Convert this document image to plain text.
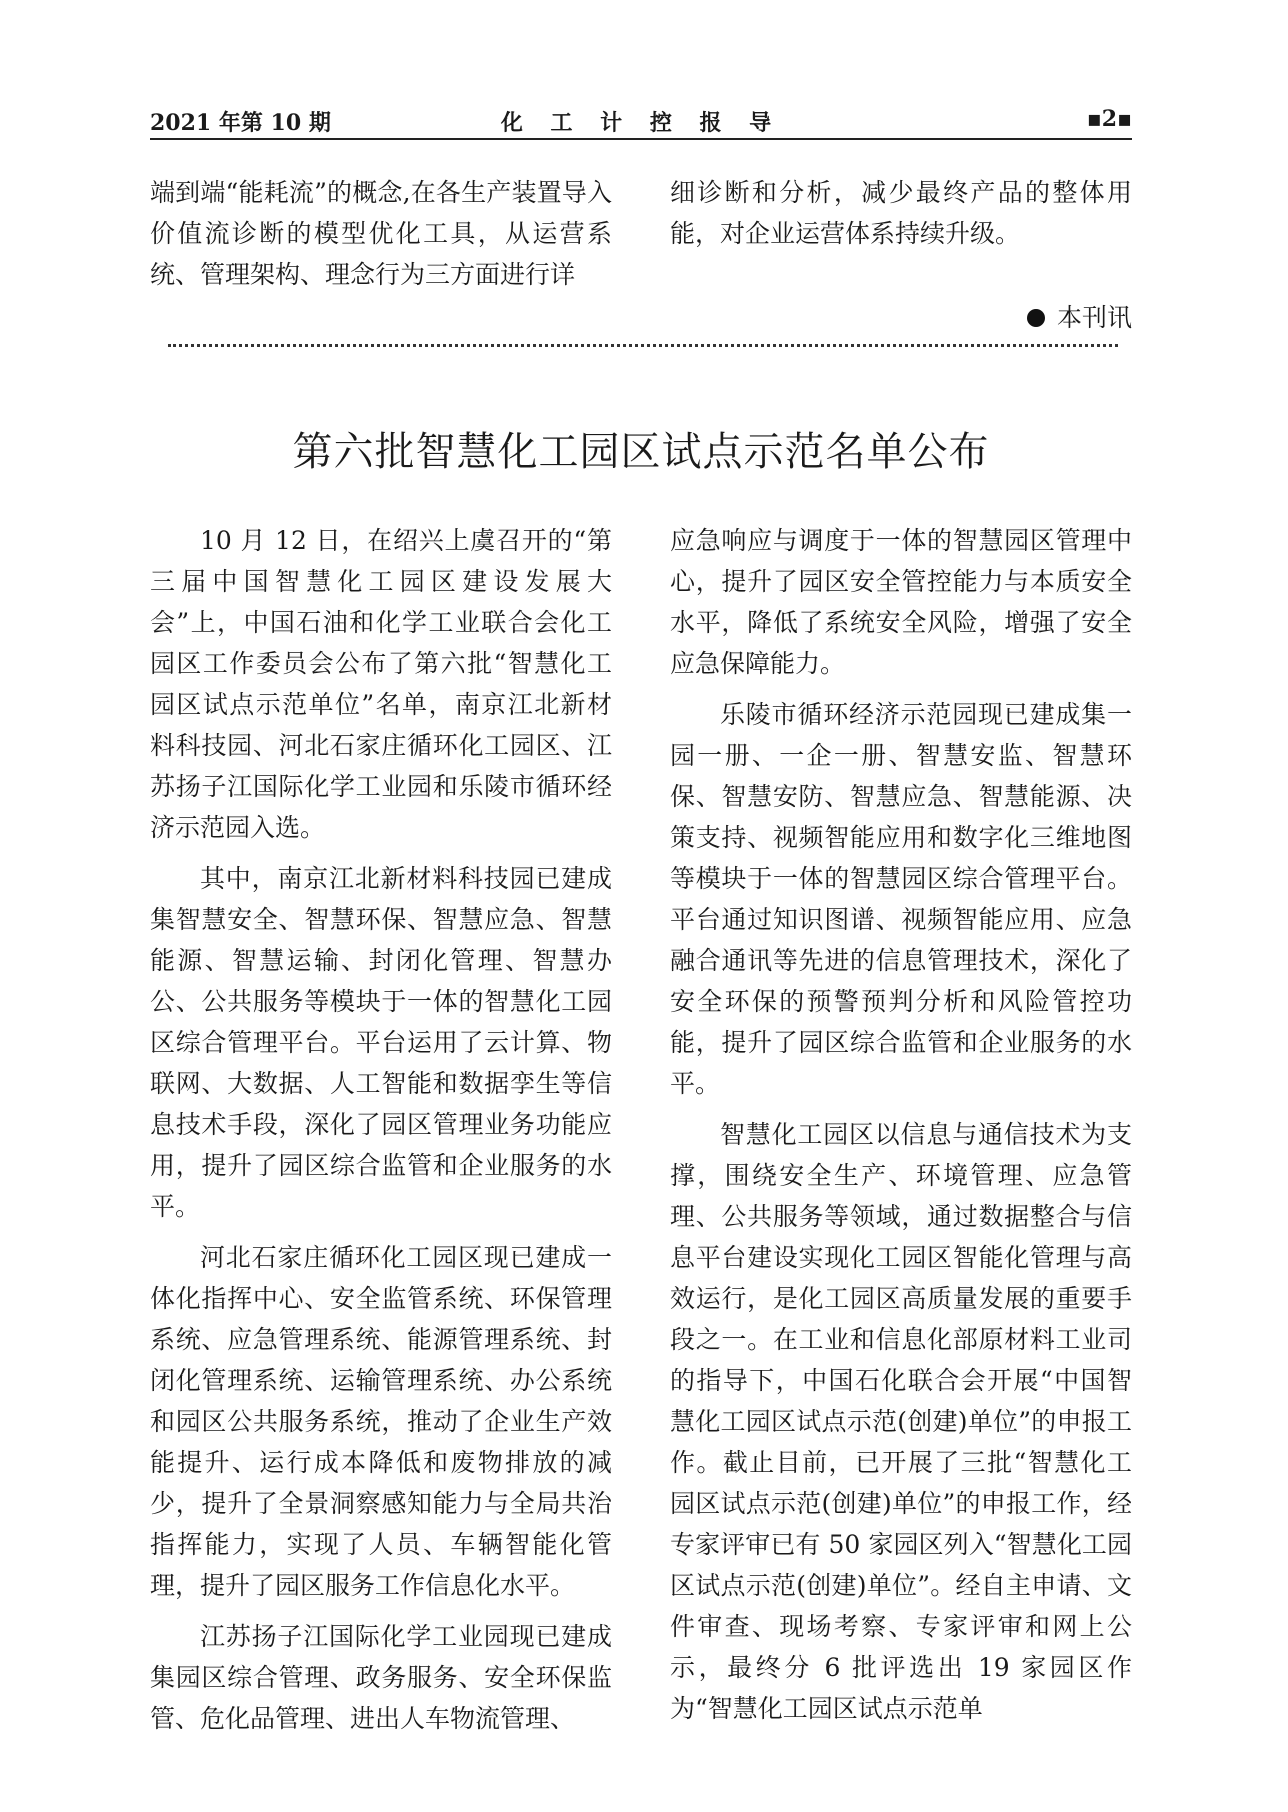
2021 年第 10 期	化 工 计 控 报 导	▪2▪

端到端“能耗流”的概念,在各生产装置导入价值流诊断的模型优化工具，从运营系统、管理架构、理念行为三方面进行详

细诊断和分析，减少最终产品的整体用能，对企业运营体系持续升级。

本刊讯
第六批智慧化工园区试点示范名单公布

10 月 12 日，在绍兴上虞召开的“第三届中国智慧化工园区建设发展大会”上，中国石油和化学工业联合会化工园区工作委员会公布了第六批“智慧化工园区试点示范单位”名单，南京江北新材料科技园、河北石家庄循环化工园区、江苏扬子江国际化学工业园和乐陵市循环经济示范园入选。

其中，南京江北新材料科技园已建成集智慧安全、智慧环保、智慧应急、智慧能源、智慧运输、封闭化管理、智慧办公、公共服务等模块于一体的智慧化工园区综合管理平台。平台运用了云计算、物联网、大数据、人工智能和数据孪生等信息技术手段，深化了园区管理业务功能应用，提升了园区综合监管和企业服务的水平。

河北石家庄循环化工园区现已建成一体化指挥中心、安全监管系统、环保管理系统、应急管理系统、能源管理系统、封闭化管理系统、运输管理系统、办公系统和园区公共服务系统，推动了企业生产效能提升、运行成本降低和废物排放的减少，提升了全景洞察感知能力与全局共治指挥能力，实现了人员、车辆智能化管理，提升了园区服务工作信息化水平。

江苏扬子江国际化学工业园现已建成集园区综合管理、政务服务、安全环保监管、危化品管理、进出人车物流管理、

应急响应与调度于一体的智慧园区管理中心，提升了园区安全管控能力与本质安全水平，降低了系统安全风险，增强了安全应急保障能力。

乐陵市循环经济示范园现已建成集一园一册、一企一册、智慧安监、智慧环保、智慧安防、智慧应急、智慧能源、决策支持、视频智能应用和数字化三维地图等模块于一体的智慧园区综合管理平台。平台通过知识图谱、视频智能应用、应急融合通讯等先进的信息管理技术，深化了安全环保的预警预判分析和风险管控功能，提升了园区综合监管和企业服务的水平。

智慧化工园区以信息与通信技术为支撑，围绕安全生产、环境管理、应急管理、公共服务等领域，通过数据整合与信息平台建设实现化工园区智能化管理与高效运行，是化工园区高质量发展的重要手段之一。在工业和信息化部原材料工业司的指导下，中国石化联合会开展“中国智慧化工园区试点示范(创建)单位”的申报工作。截止目前，已开展了三批“智慧化工园区试点示范(创建)单位”的申报工作，经专家评审已有 50 家园区列入“智慧化工园区试点示范(创建)单位”。经自主申请、文件审查、现场考察、专家评审和网上公示，最终分 6 批评选出 19 家园区作为“智慧化工园区试点示范单
